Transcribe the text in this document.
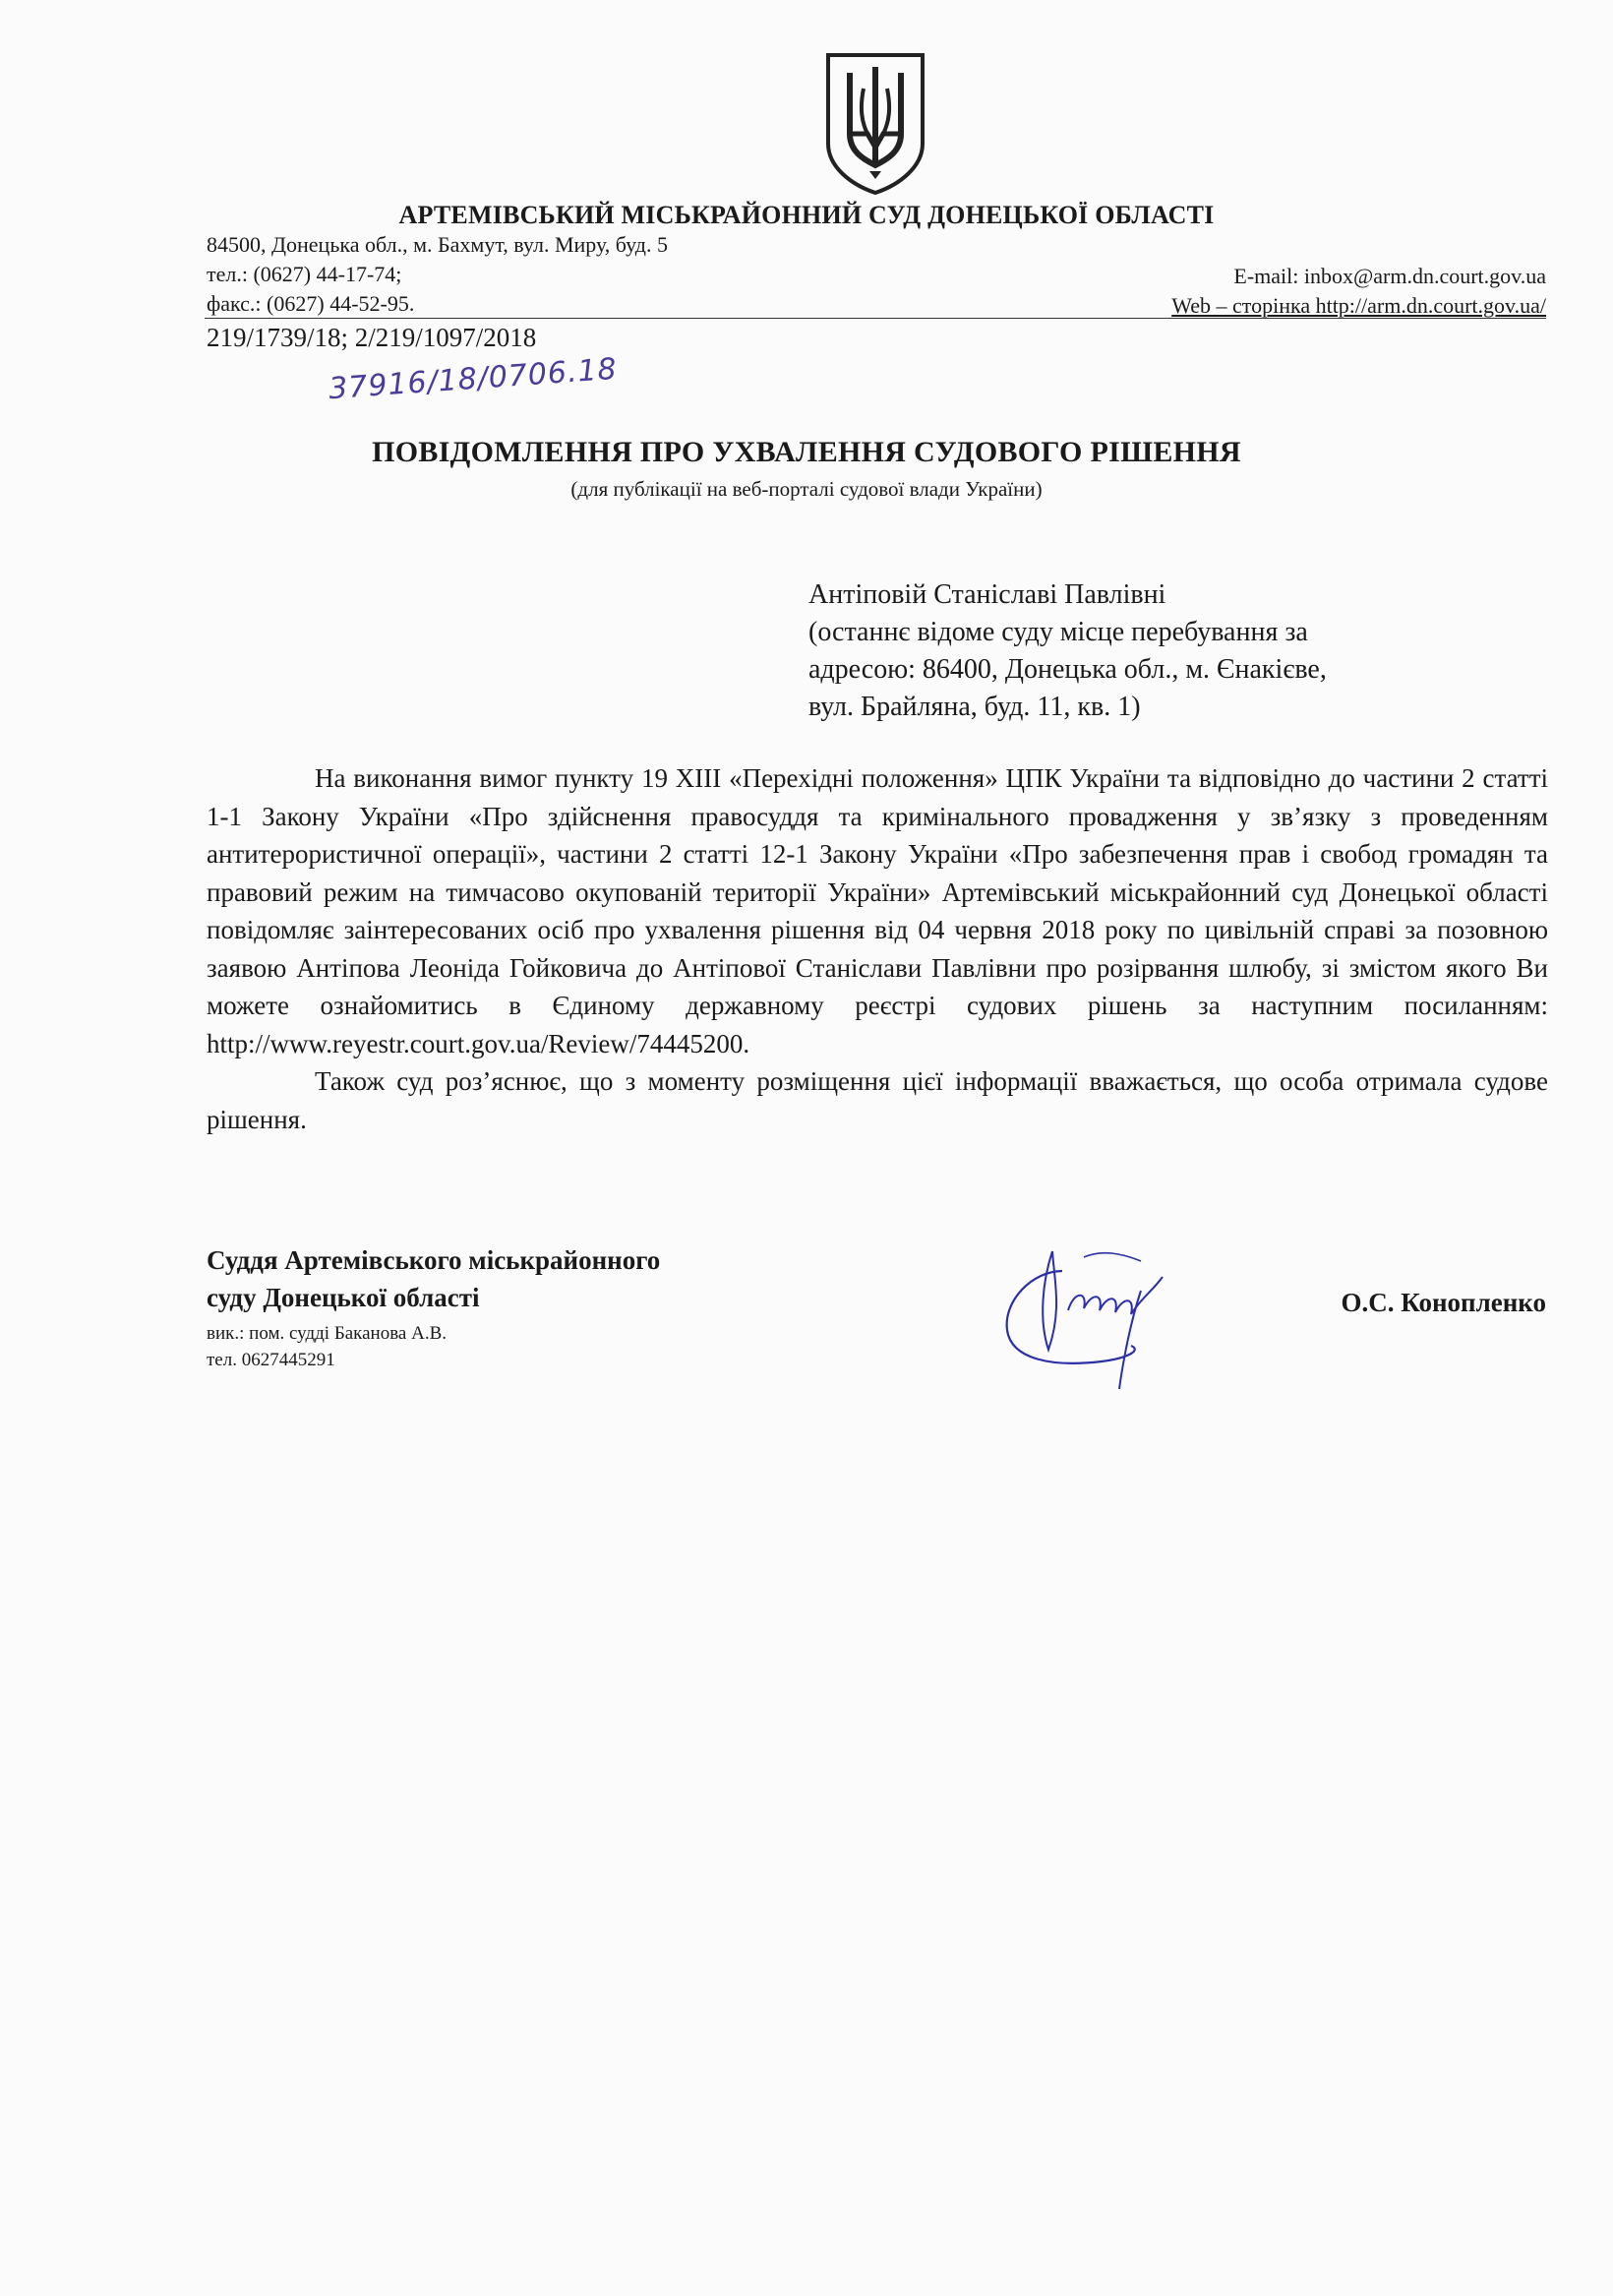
АРТЕМІВСЬКИЙ МІСЬКРАЙОННИЙ СУД ДОНЕЦЬКОЇ ОБЛАСТІ
84500, Донецька обл., м. Бахмут, вул. Миру, буд. 5
тел.: (0627) 44-17-74;
факс.: (0627) 44-52-95.
E-mail: inbox@arm.dn.court.gov.ua
Web – сторінка http://arm.dn.court.gov.ua/
219/1739/18; 2/219/1097/2018
37916/18/0706.18
ПОВІДОМЛЕННЯ ПРО УХВАЛЕННЯ СУДОВОГО РІШЕННЯ
(для публікації на веб-порталі судової влади України)
Антіповій Станіславі Павлівні
(останнє відоме суду місце перебування за
адресою: 86400, Донецька обл., м. Єнакієве,
вул. Брайляна, буд. 11, кв. 1)

На виконання вимог пункту 19 XIII «Перехідні положення» ЦПК України та відповідно до частини 2 статті 1-1 Закону України «Про здійснення правосуддя та кримінального провадження у зв’язку з проведенням антитерористичної операції», частини 2 статті 12-1 Закону України «Про забезпечення прав і свобод громадян та правовий режим на тимчасово окупованій території України» Артемівський міськрайонний суд Донецької області повідомляє заінтересованих осіб про ухвалення рішення від 04 червня 2018 року по цивільній справі за позовною заявою Антіпова Леоніда Гойковича до Антіпової Станіслави Павлівни про розірвання шлюбу, зі змістом якого Ви можете ознайомитись в Єдиному державному реєстрі судових рішень за наступним посиланням:

http://www.reyestr.court.gov.ua/Review/74445200.

Також суд роз’яснює, що з моменту розміщення цієї інформації вважається, що особа отримала судове рішення.

Суддя Артемівського міськрайонного
суду Донецької області
вик.: пом. судді Баканова А.В.
тел. 0627445291
О.С. Конопленко
